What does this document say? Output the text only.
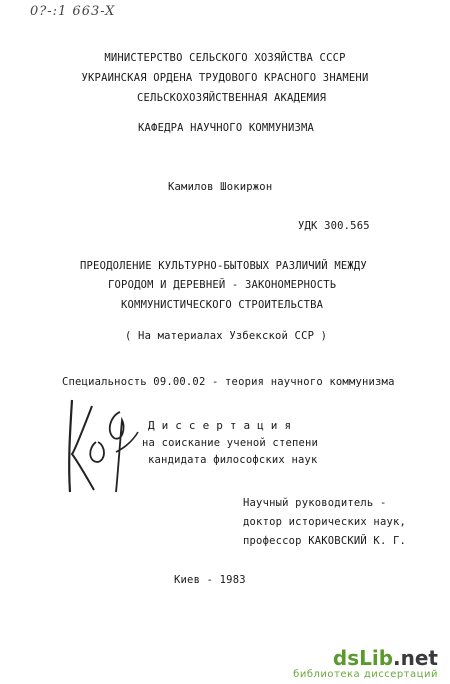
0?-:1 663-X
МИНИСТЕРСТВО СЕЛЬСКОГО ХОЗЯЙСТВА СССР
УКРАИНСКАЯ ОРДЕНА ТРУДОВОГО КРАСНОГО ЗНАМЕНИ
СЕЛЬСКОХОЗЯЙСТВЕННАЯ АКАДЕМИЯ
КАФЕДРА НАУЧНОГО КОММУНИЗМА
Камилов Шокиржон
УДК 300.565
ПРЕОДОЛЕНИЕ КУЛЬТУРНО-БЫТОВЫХ РАЗЛИЧИЙ МЕЖДУ
ГОРОДОМ И ДЕРЕВНЕЙ - ЗАКОНОМЕРНОСТЬ
КОММУНИСТИЧЕСКОГО СТРОИТЕЛЬСТВА
( На материалах Узбекской ССР )
Специальность 09.00.02 - теория научного коммунизма
Д и с с е р т а ц и я
на соискание ученой степени
кандидата философских наук
Научный руководитель -
доктор исторических наук,
профессор КАКОВСКИЙ К. Г.
Киев - 1983
dsLib.net
библиотека диссертаций
